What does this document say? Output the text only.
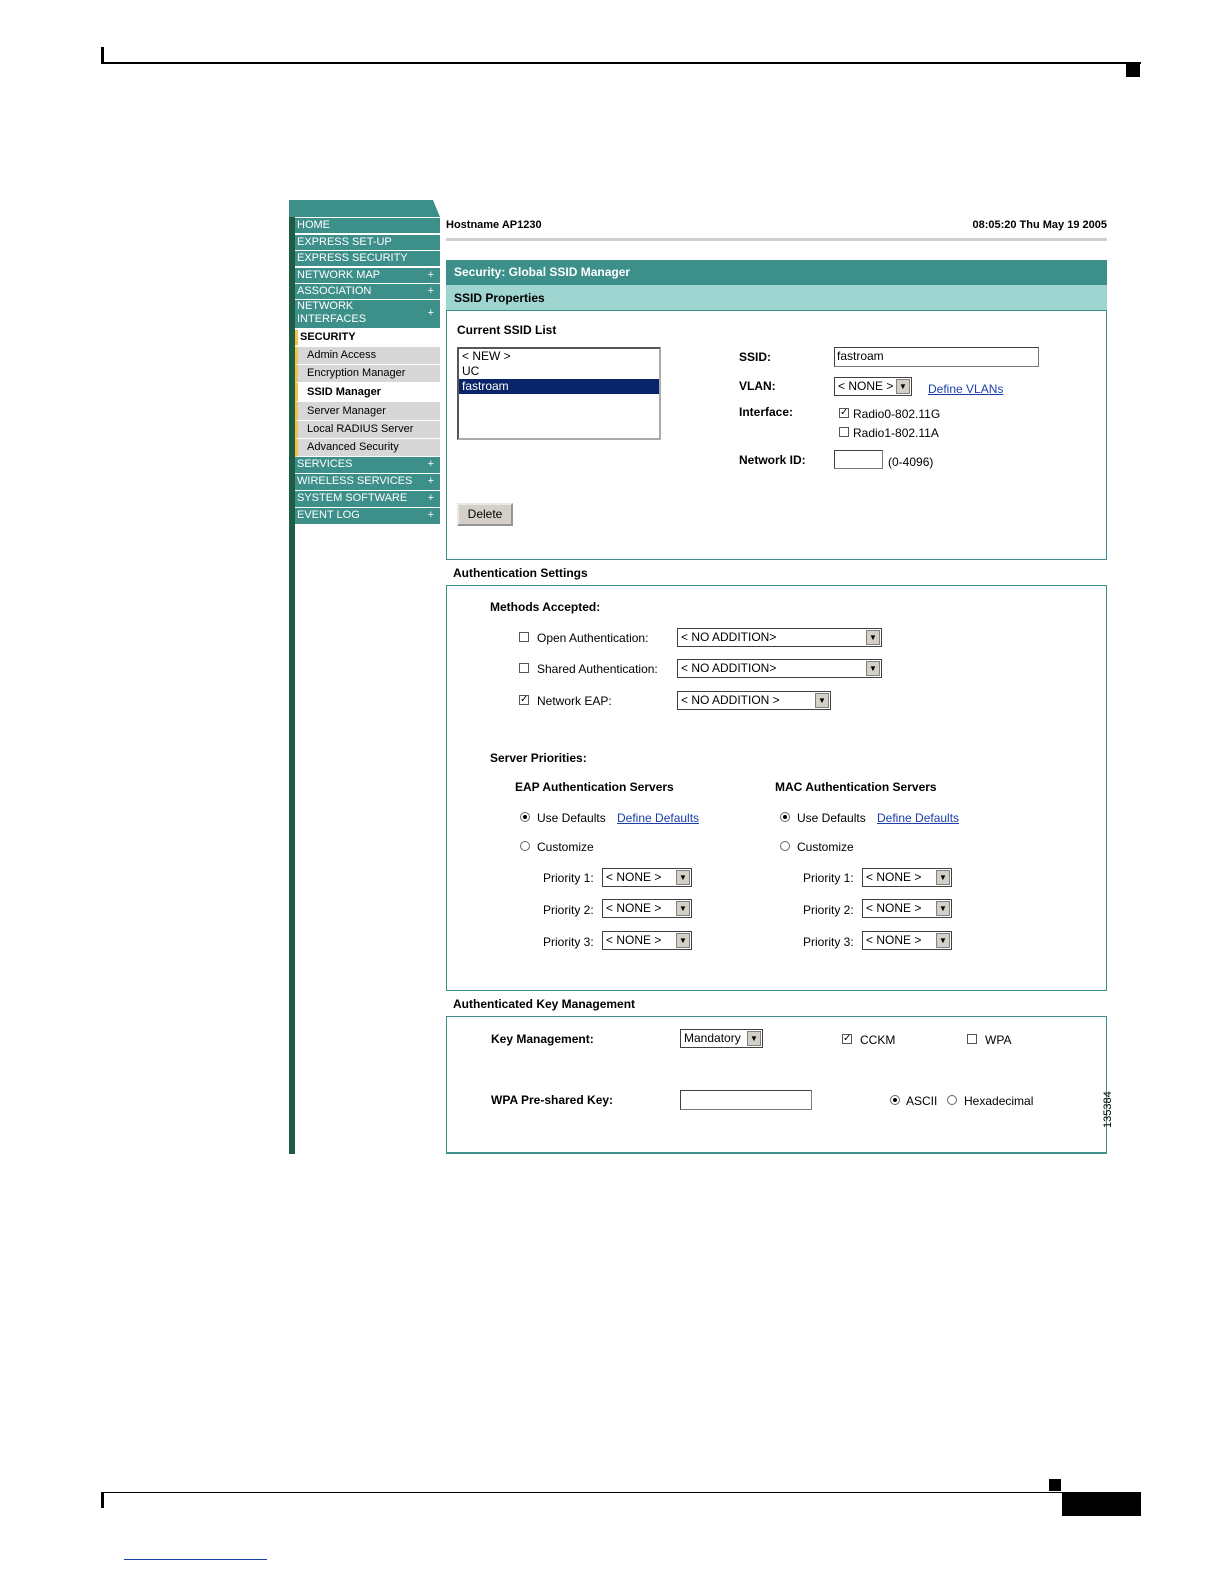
HOME
EXPRESS SET-UP
EXPRESS SECURITY
NETWORK MAP	+
ASSOCIATION	+
NETWORK
INTERFACES	+
SECURITY
Admin Access
Encryption Manager
SSID Manager
Server Manager
Local RADIUS Server
Advanced Security
SERVICES	+
WIRELESS SERVICES +
SYSTEM SOFTWARE +
EVENT LOG	+
Hostname AP1230	08:05:20 Thu May 19 2005
Security: Global SSID Manager
SSID Properties
Current SSID List
< NEW >
UC
fastroam
SSID:	fastroam
VLAN:	< NONE > ▼ Define VLANs
Interface:	✓ Radio0-802.11G
Radio1-802.11A
Network ID:	(0-4096)
Delete
Authentication Settings
Methods Accepted:
Open Authentication:	< NO ADDITION>	▼
Shared Authentication:	< NO ADDITION>	▼
✓ Network EAP:	< NO ADDITION >	▼
Server Priorities:
EAP Authentication Servers
Use Defaults Define Defaults
Customize
Priority 1:	< NONE >	▼
Priority 2:	< NONE >	▼
Priority 3:	< NONE >	▼
MAC Authentication Servers
Use Defaults Define Defaults
Customize
Priority 1:	< NONE >	▼
Priority 2:	< NONE >	▼
Priority 3:	< NONE >	▼
Authenticated Key Management
Key Management:	Mandatory	▼	✓ CCKM	WPA
WPA Pre-shared Key:	ASCII Hexadecimal	135384
